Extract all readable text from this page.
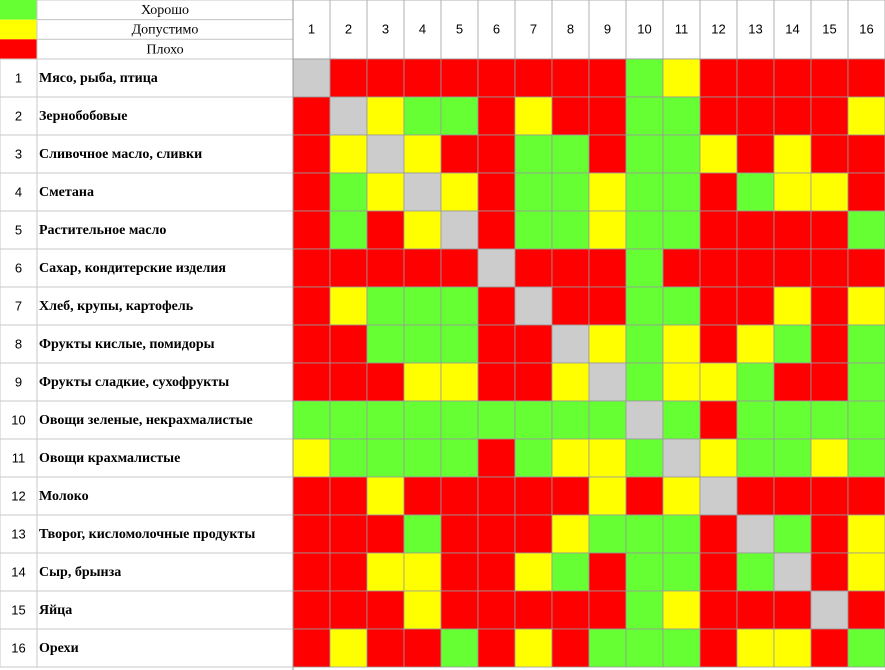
Хорошо
Допустимо
Плохо
1 2 3 4 5 6 7 8 9 10 11 12 13 14 15 16
1 Мясо, рыба, птица
2 Зернобобовые
3 Сливочное масло, сливки
4 Сметана
5 Растительное масло
6 Сахар, кондитерские изделия
7 Хлеб, крупы, картофель
8 Фрукты кислые, помидоры
9 Фрукты сладкие, сухофрукты
10 Овощи зеленые, некрахмалистые
11 Овощи крахмалистые
12 Молоко
13 Творог, кисломолочные продукты
14 Сыр, брынза
15 Яйца
16 Орехи
